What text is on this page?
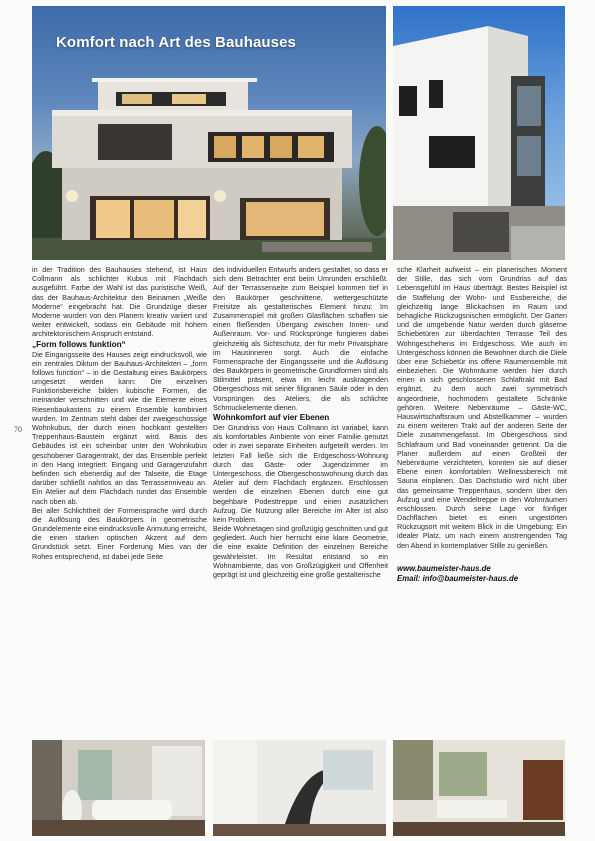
Komfort nach Art des Bauhauses
70

in der Tradition des Bauhauses stehend, ist Haus Collmann als schlichter Kubus mit Flachdach ausgeführt. Farbe der Wahl ist das puristische Weiß, das der Bauhaus-Architektur den Beinamen „Weiße Moderne“ eingebracht hat. Die Grundzüge dieser Moderne wurden von den Planern kreativ variiert und weiter entwickelt, sodass ein Gebäude mit hohem architektonischem Anspruch entstand.

„Form follows funktion“

Die Eingangsseite des Hauses zeigt eindrucksvoll, wie ein zentrales Diktum der Bauhaus-Architekten – „form follows function“ – in die Gestaltung eines Baukörpers umgesetzt werden kann: Die einzelnen Funktionsbereiche bilden kubische Formen, die ineinander verschnitten und wie die Elemente eines Riesenbaukastens zu einem Ensemble kombiniert wurden. Im Zentrum steht dabei der zweigeschossige Wohnkubus, der durch einen hochkant gestellten Treppenhaus-Baustein ergänzt wird. Basis des Gebäudes ist ein scheinbar unter den Wohnkubus geschobener Garagentrakt, der das Ensemble perfekt in den Hang integriert: Eingang und Garagenzufahrt befinden sich ebenerdig auf der Talseite, die Etage darüber schließt nahtlos an das Terrassenniveau an. Ein Atelier auf dem Flachdach rundet das Ensemble nach oben ab.

Bei aller Schlichtheit der Formensprache wird durch die Auflösung des Baukörpers in geometrische Grundelemente eine eindrucksvolle Anmutung erreicht, die einen starken optischen Akzent auf dem Grundstück setzt. Einer Forderung Mies van der Rohes entsprechend, ist dabei jede Seite

des individuellen Entwurfs anders gestaltet, so dass er sich dem Betrachter erst beim Umrunden erschließt. Auf der Terrassenseite zum Beispiel kommen tief in den Baukörper geschnittene, wettergeschützte Freisitze als gestalterisches Element hinzu: Im Zusammenspiel mit großen Glasflächen schaffen sie einen fließenden Übergang zwischen Innen- und Außenraum. Vor- und Rücksprünge fungieren dabei gleichzeitig als Sichtschutz, der für mehr Privatsphäre im Hausinneren sorgt. Auch die einfache Formensprache der Eingangsseite und die Auflösung des Baukörpers in geometrische Grundformen sind als Stilmittel präsent, etwa im leicht auskragenden Obergeschoss mit seiner filigranen Säule oder in den Vorsprüngen des Ateliers, die als schlichte Schmuckelemente dienen.

Wohnkomfort auf vier Ebenen

Der Grundriss von Haus Collmann ist variabel, kann als komfortables Ambiente von einer Familie genutzt oder in zwei separate Einheiten aufgeteilt werden. Im letzten Fall ließe sich die Erdgeschoss-Wohnung durch das Gäste- oder Jugendzimmer im Untergeschoss, die Obergeschosswohnung durch das Atelier auf dem Flachdach ergänzen. Erschlossen werden die einzelnen Ebenen durch eine gut begehbare Podesttreppe und einen zusätzlichen Aufzug. Die Nutzung aller Bereiche im Alter ist also kein Problem.

Beide Wohnetagen sind großzügig geschnitten und gut gegliedert. Auch hier herrscht eine klare Geometrie, die eine exakte Definition der einzelnen Bereiche gewährleistet. Im Resultat entstand so ein Wohnambiente, das von Großzügigkeit und Offenheit geprägt ist und gleichzeitig eine große gestalterische

sche Klarheit aufweist – ein planerisches Moment der Stille, das sich vom Grundriss auf das Lebensgefühl im Haus überträgt. Bestes Beispiel ist die Staffelung der Wohn- und Essbereiche, die gleichzeitig lange Blickachsen im Raum und behagliche Rückzugsnischen ermöglicht. Der Garten und die umgebende Natur werden durch gläserne Schiebetüren zur überdachten Terrasse Teil des Wohngeschehens im Erdgeschoss. Wie auch im Untergeschoss können die Bewohner durch die Diele über eine Schiebetür ins offene Raumensemble mit einbeziehen. Die Wohnräume werden hier durch einen in sich geschlossenen Schlaftrakt mit Bad ergänzt, zu dem auch zwei symmetrisch angeordnete, hochmodern gestaltete Schränke gehören. Weitere Nebenräume – Gäste-WC, Hauswirtschaftsraum und Abstellkammer – wurden zu einem weiteren Trakt auf der anderen Seite der Diele zusammengefasst. Im Obergeschoss sind Schlafraum und Bad voneinander getrennt. Da die Planer außerdem auf einen Großteil der Nebenräume verzichteten, konnten sie auf dieser Ebene einen komfortablen Wellnessbereich mit Sauna einplanen. Das Dachstudio wird nicht über das gemeinsame Treppenhaus, sondern über den Aufzug und eine Wendeltreppe in den Wohnräumen erschlossen. Durch seine Lage vor fünfiger Dachflächen bietet es einen ungestörten Rückzugsort mit weitem Blick in die Umgebung: Ein idealer Platz, um nach einem anstrengenden Tag den Abend in kontemplativer Stille zu genießen.

www.baumeister-haus.de
Email: info@baumeister-haus.de
